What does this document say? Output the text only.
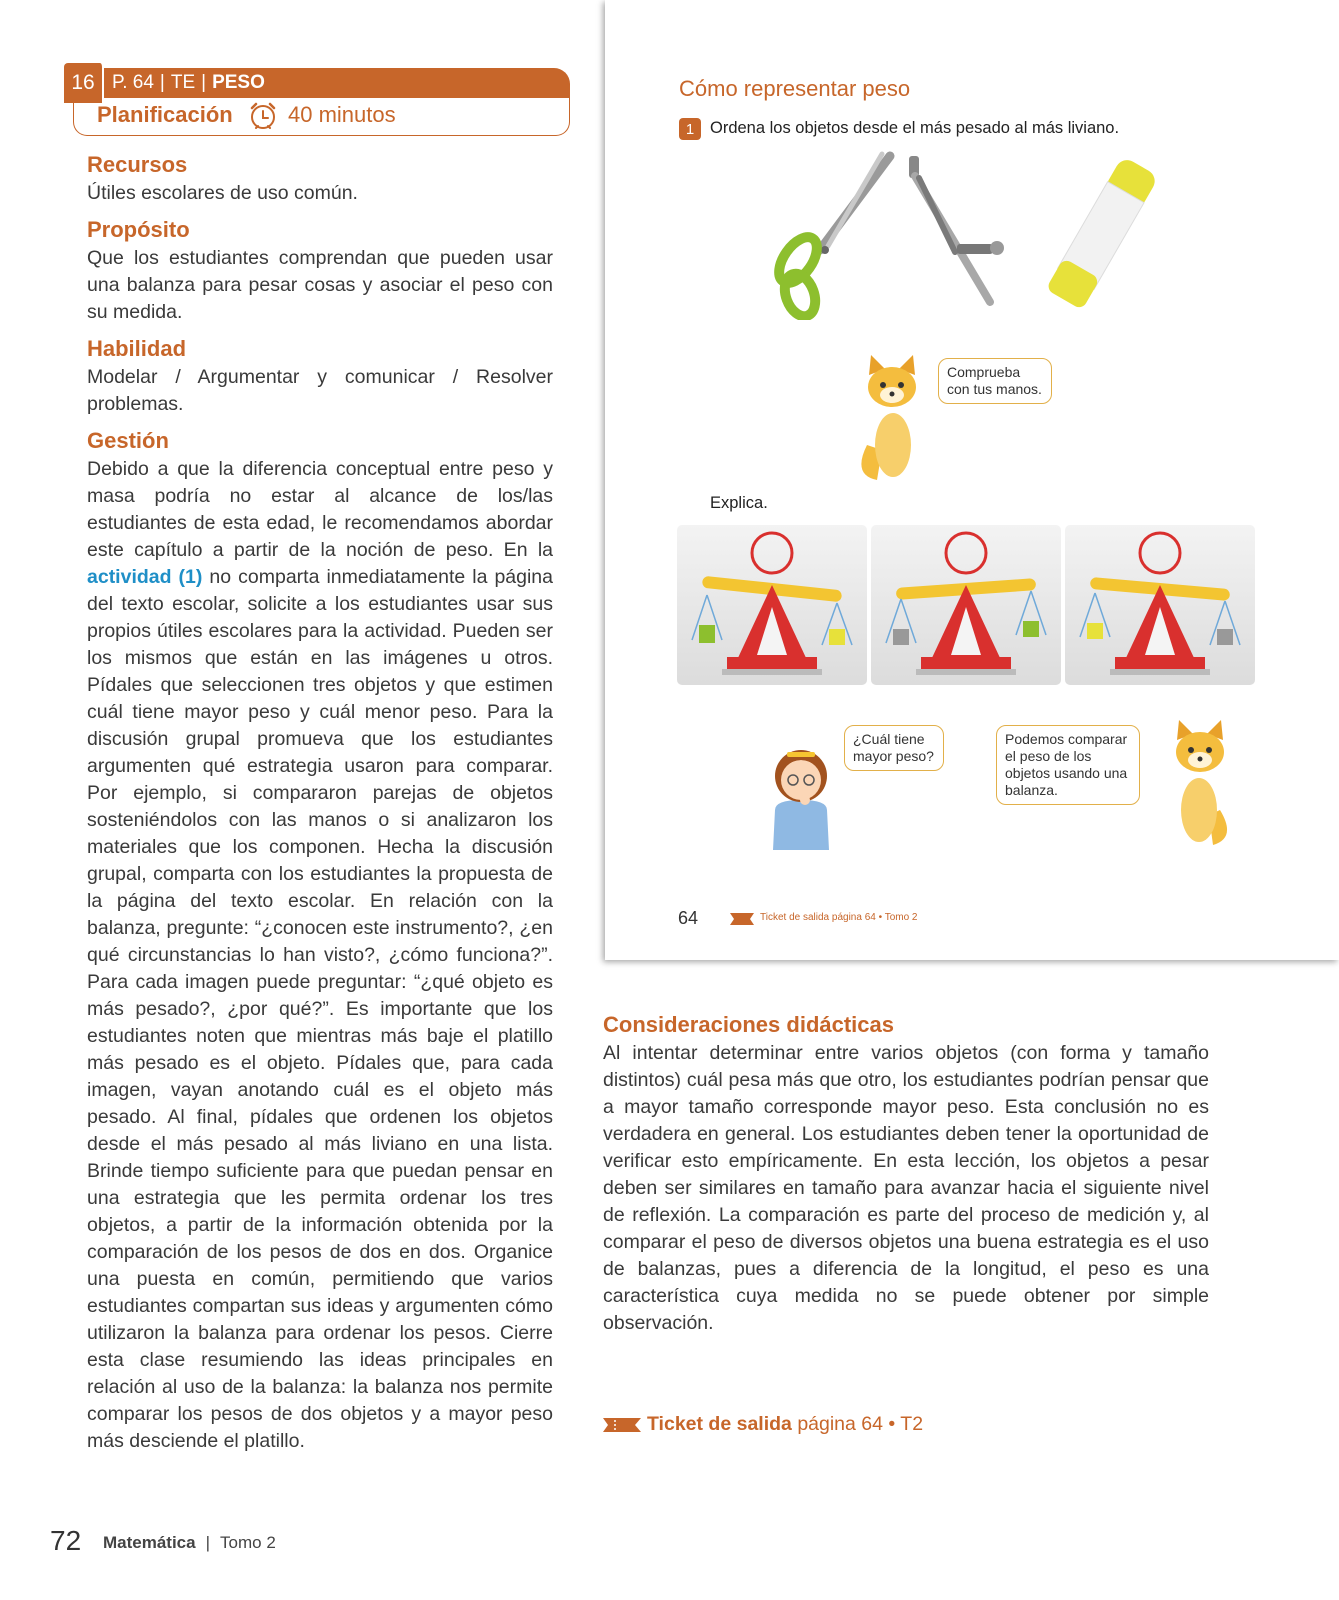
16 P. 64 | TE | PESO
Planificación	40 minutos
Recursos

Útiles escolares de uso común.

Propósito

Que los estudiantes comprendan que pueden usar una balanza para pesar cosas y asociar el peso con su medida.

Habilidad

Modelar / Argumentar y comunicar / Resolver problemas.

Gestión

Debido a que la diferencia conceptual entre peso y masa podría no estar al alcance de los/las estudiantes de esta edad, le recomendamos abordar este capítulo a partir de la noción de peso. En la actividad (1) no comparta inmediatamente la página del texto escolar, solicite a los estudiantes usar sus propios útiles escolares para la actividad. Pueden ser los mismos que están en las imágenes u otros. Pídales que seleccionen tres objetos y que estimen cuál tiene mayor peso y cuál menor peso. Para la discusión grupal promueva que los estudiantes argumenten qué estrategia usaron para comparar. Por ejemplo, si compararon parejas de objetos sosteniéndolos con las manos o si analizaron los materiales que los componen. Hecha la discusión grupal, comparta con los estudiantes la propuesta de la página del texto escolar. En relación con la balanza, pregunte: “¿conocen este instrumento?, ¿en qué circunstancias lo han visto?, ¿cómo funciona?”. Para cada imagen puede preguntar: “¿qué objeto es más pesado?, ¿por qué?”. Es importante que los estudiantes noten que mientras más baje el platillo más pesado es el objeto. Pídales que, para cada imagen, vayan anotando cuál es el objeto más pesado. Al final, pídales que ordenen los objetos desde el más pesado al más liviano en una lista. Brinde tiempo suficiente para que puedan pensar en una estrategia que les permita ordenar los tres objetos, a partir de la información obtenida por la comparación de los pesos de dos en dos. Organice una puesta en común, permitiendo que varios estudiantes compartan sus ideas y argumenten cómo utilizaron la balanza para ordenar los pesos. Cierre esta clase resumiendo las ideas principales en relación al uso de la balanza: la balanza nos permite comparar los pesos de dos objetos y a mayor peso más desciende el platillo.

72 Matemática | Tomo 2
Cómo representar peso
1 Ordena los objetos desde el más pesado al más liviano.
Comprueba con tus manos.
Explica.
¿Cuál tiene mayor peso?
Podemos comparar el peso de los objetos usando una balanza.
64	Ticket de salida página 64 • Tomo 2
Consideraciones didácticas

Al intentar determinar entre varios objetos (con forma y tamaño distintos) cuál pesa más que otro, los estudiantes podrían pensar que a mayor tamaño corresponde mayor peso. Esta conclusión no es verdadera en general. Los estudiantes deben tener la oportunidad de verificar esto empíricamente. En esta lección, los objetos a pesar deben ser similares en tamaño para avanzar hacia el siguiente nivel de reflexión. La comparación es parte del proceso de medición y, al comparar el peso de diversos objetos una buena estrategia es el uso de balanzas, pues a diferencia de la longitud, el peso es una característica cuya medida no se puede obtener por simple observación.

Ticket de salida página 64 • T2
